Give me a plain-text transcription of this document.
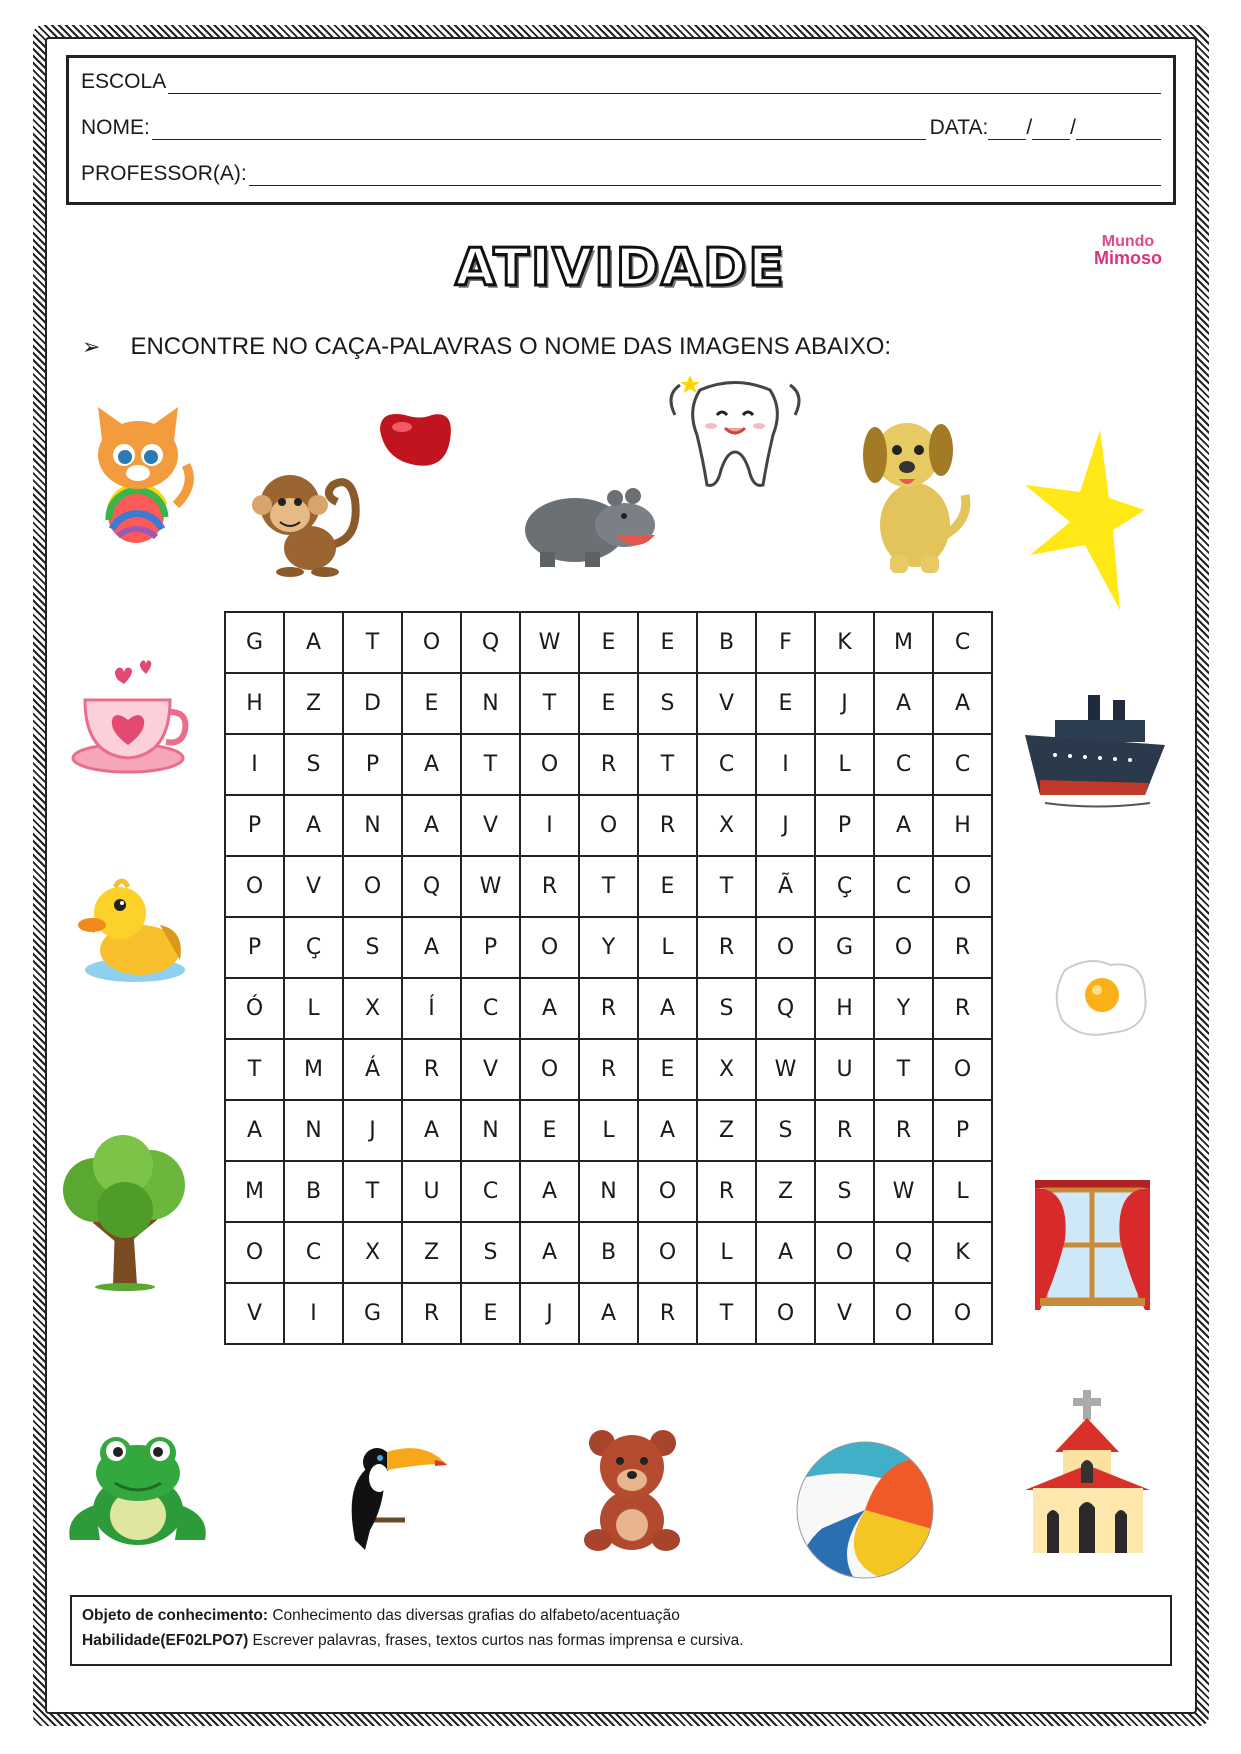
ESCOLA
NOME:	DATA: / /
PROFESSOR(A):
ATIVIDADE	Mundo
Mimoso
➢ ENCONTRE NO CAÇA-PALAVRAS O NOME DAS IMAGENS ABAIXO:
G	A	T	O	Q	W	E	E	B	F	K	M	C
H	Z	D	E	N	T	E	S	V	E	J	A	A
I	S	P	A	T	O	R	T	C	I	L	C	C
P	A	N	A	V	I	O	R	X	J	P	A	H
O	V	O	Q	W	R	T	E	T	Ã	Ç	C	O
P	Ç	S	A	P	O	Y	L	R	O	G	O	R
Ó	L	X	Í	C	A	R	A	S	Q	H	Y	R
T	M	Á	R	V	O	R	E	X	W	U	T	O
A	N	J	A	N	E	L	A	Z	S	R	R	P
M	B	T	U	C	A	N	O	R	Z	S	W	L
O	C	X	Z	S	A	B	O	L	A	O	Q	K
V	I	G	R	E	J	A	R	T	O	V	O	O
Objeto de conhecimento: Conhecimento das diversas grafias do alfabeto/acentuação
Habilidade(EF02LPO7) Escrever palavras, frases, textos curtos nas formas imprensa e cursiva.
